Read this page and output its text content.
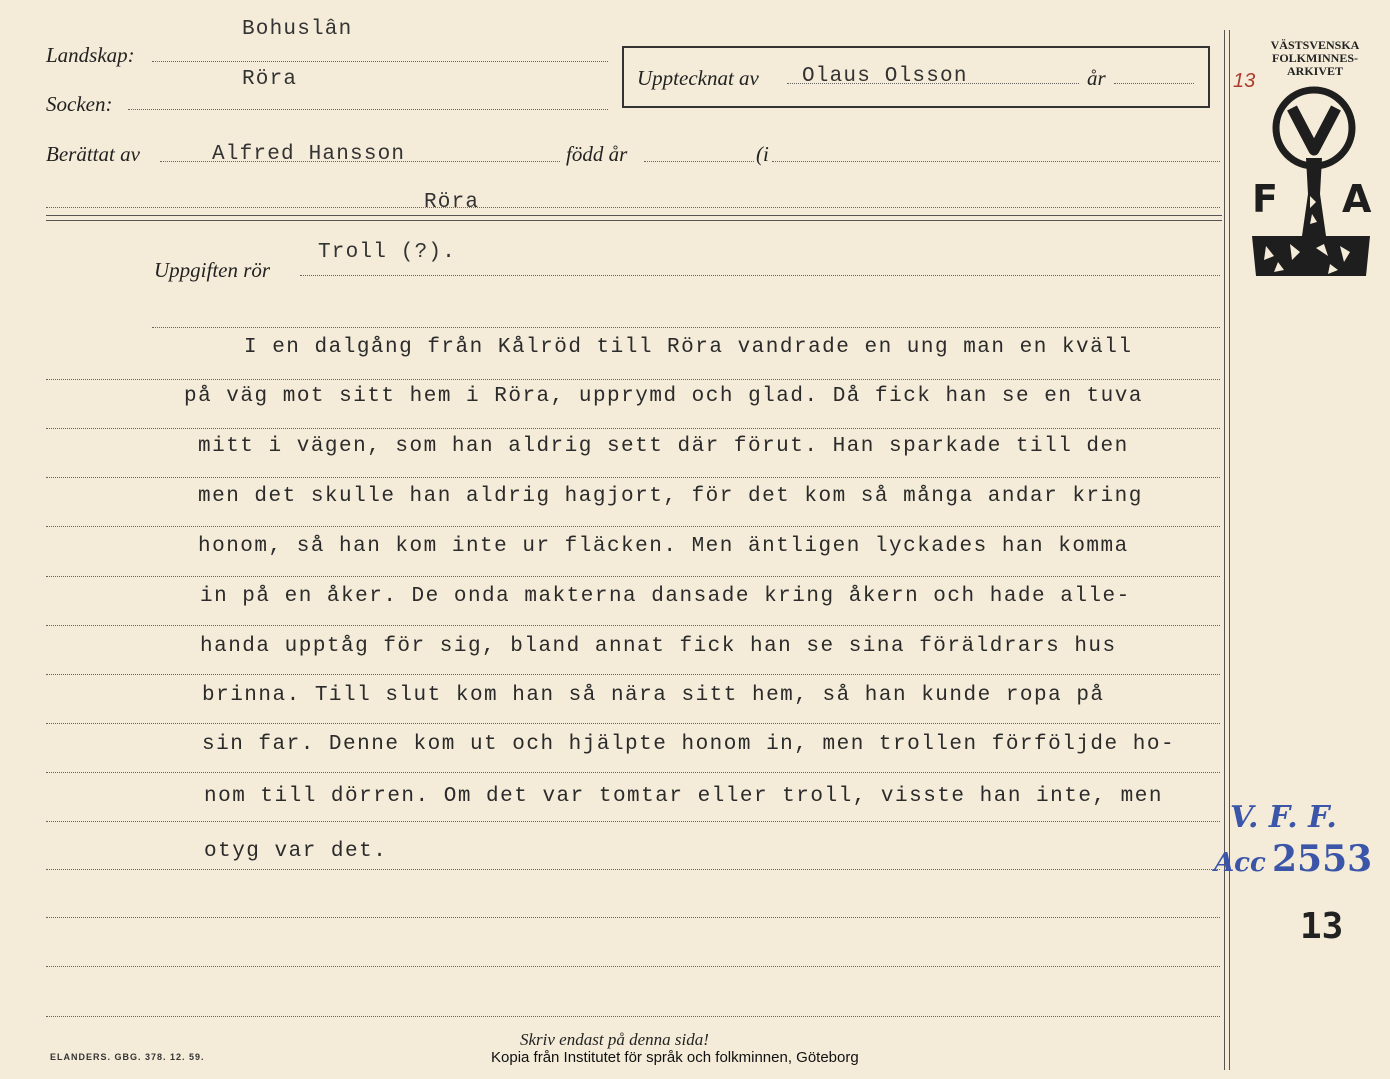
Landskap:
Bohuslân
Socken:
Röra	Upptecknat av Olaus Olsson	år
Berättat av	Alfred Hansson	född år	(i
Röra
Uppgiften rör
Troll (?).
I en dalgång från Kålröd till Röra vandrade en ung man en kväll
på väg mot sitt hem i Röra, upprymd och glad. Då fick han se en tuva
mitt i vägen, som han aldrig sett där förut. Han sparkade till den
men det skulle han aldrig hagjort, för det kom så många andar kring
honom, så han kom inte ur fläcken. Men äntligen lyckades han komma
in på en åker. De onda makterna dansade kring åkern och hade alle-
handa upptåg för sig, bland annat fick han se sina föräldrars hus
brinna. Till slut kom han så nära sitt hem, så han kunde ropa på
sin far. Denne kom ut och hjälpte honom in, men trollen förföljde ho-
nom till dörren. Om det var tomtar eller troll, visste han inte, men
otyg var det.
Skriv endast på denna sida!
Kopia från Institutet för språk och folkminnen, Göteborg
ELANDERS. GBG. 378. 12. 59.
VÄSTSVENSKA
FOLKMINNES-
ARKIVET
13
F A
V. F. F.
Acc 2553
13
